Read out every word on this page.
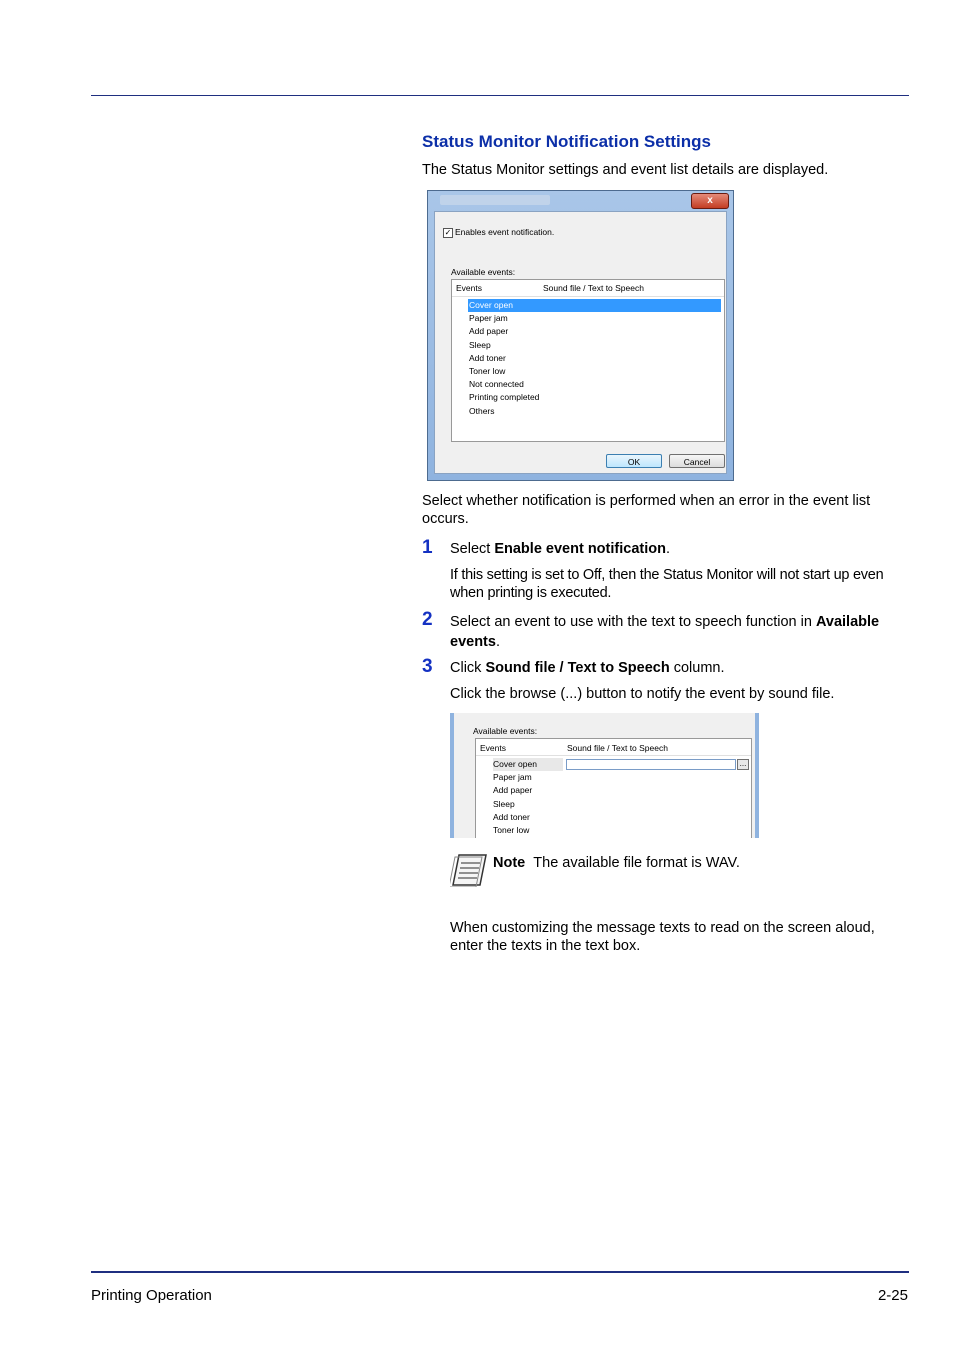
Status Monitor Notification Settings
The Status Monitor settings and event list details are displayed.
x
✓ Enables event notification.
Available events:
Events	Sound file / Text to Speech
Cover open
Paper jam
Add paper
Sleep
Add toner
Toner low
Not connected
Printing completed
Others
OK	Cancel
Select whether notification is performed when an error in the event list occurs.
1 Select Enable event notification.
If this setting is set to Off, then the Status Monitor will not start up even when printing is executed.
2 Select an event to use with the text to speech function in Available events.
3 Click Sound file / Text to Speech column.
Click the browse (...) button to notify the event by sound file.
Available events:
Events	Sound file / Text to Speech
Cover open
Paper jam
Add paper
Sleep
Add toner
Toner low
...
Note The available file format is WAV.
When customizing the message texts to read on the screen aloud, enter the texts in the text box.
Printing Operation	2-25
